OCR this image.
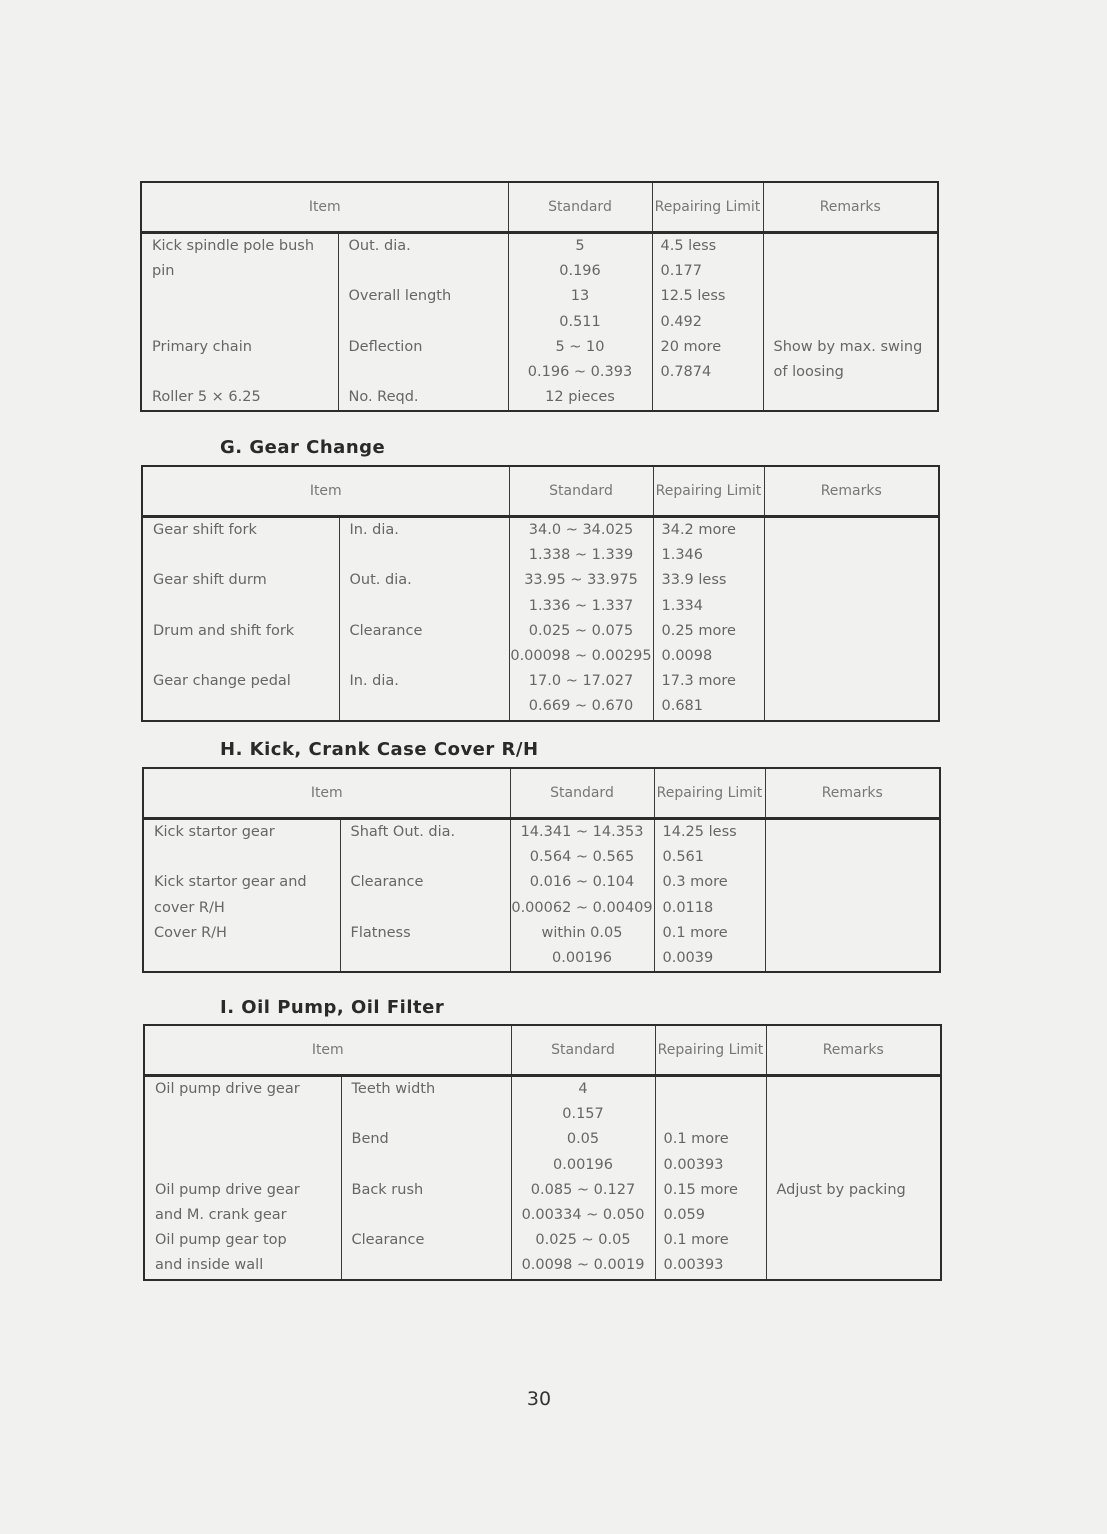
Item		Standard	Repairing Limit	Remarks
Kick spindle pole bush	Out. dia.	5	4.5 less	
pin		0.196	0.177	
	Overall length	13	12.5 less	
		0.511	0.492	
Primary chain	Deflection	5 ~ 10	20 more	Show by max. swing
		0.196 ~ 0.393	0.7874	of loosing
Roller 5 × 6.25	No. Reqd.	12 pieces		
G. Gear Change
Item		Standard	Repairing Limit	Remarks
Gear shift fork	In. dia.	34.0 ~ 34.025	34.2 more	
		1.338 ~ 1.339	1.346	
Gear shift durm	Out. dia.	33.95 ~ 33.975	33.9 less	
		1.336 ~ 1.337	1.334	
Drum and shift fork	Clearance	0.025 ~ 0.075	0.25 more	
		0.00098 ~ 0.00295	0.0098	
Gear change pedal	In. dia.	17.0 ~ 17.027	17.3 more	
		0.669 ~ 0.670	0.681	
H. Kick, Crank Case Cover R/H
Item		Standard	Repairing Limit	Remarks
Kick startor gear	Shaft Out. dia.	14.341 ~ 14.353	14.25 less	
		0.564 ~ 0.565	0.561	
Kick startor gear and	Clearance	0.016 ~ 0.104	0.3 more	
cover R/H		0.00062 ~ 0.00409	0.0118	
Cover R/H	Flatness	within 0.05	0.1 more	
		0.00196	0.0039	
I. Oil Pump, Oil Filter
Item		Standard	Repairing Limit	Remarks
Oil pump drive gear	Teeth width	4		
		0.157		
	Bend	0.05	0.1 more	
		0.00196	0.00393	
Oil pump drive gear	Back rush	0.085 ~ 0.127	0.15 more	Adjust by packing
and M. crank gear		0.00334 ~ 0.050	0.059	
Oil pump gear top	Clearance	0.025 ~ 0.05	0.1 more	
and inside wall		0.0098 ~ 0.0019	0.00393	
30
